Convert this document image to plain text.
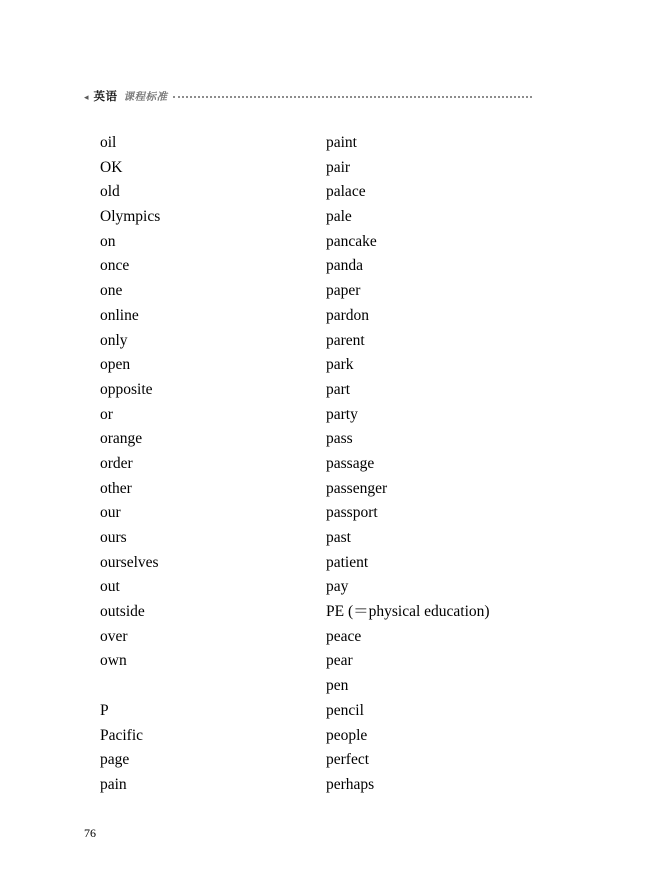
◂ 英语 课程标准
oil
OK
old
Olympics
on
once
one
online
only
open
opposite
or
orange
order
other
our
ours
ourselves
out
outside
over
own
P
Pacific
page
pain
paint
pair
palace
pale
pancake
panda
paper
pardon
parent
park
part
party
pass
passage
passenger
passport
past
patient
pay
PE (＝physical education)
peace
pear
pen
pencil
people
perfect
perhaps
76
